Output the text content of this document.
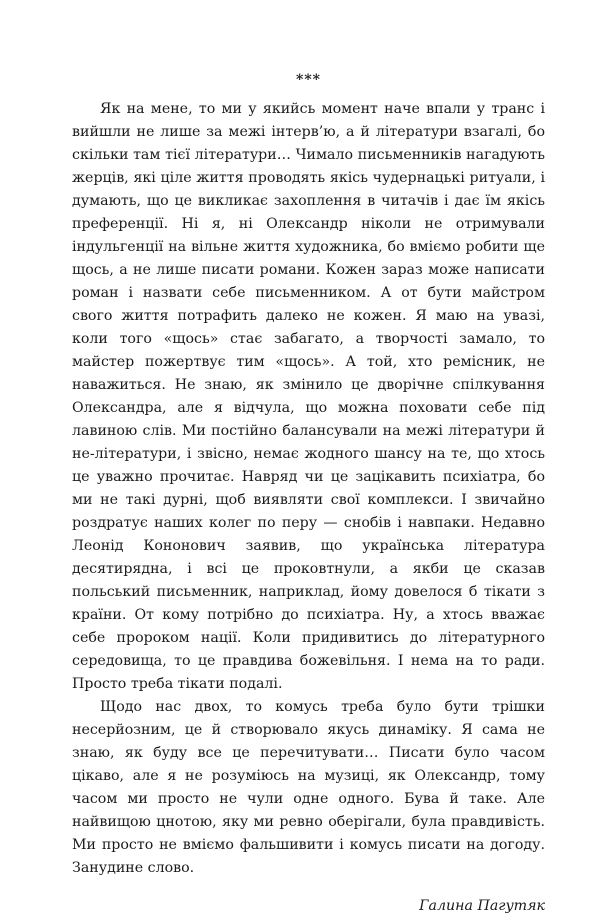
***

Як на мене, то ми у якийсь момент наче впали у транс і вийшли не лише за межі інтерв’ю, а й літератури взагалі, бо скільки там тієї літератури… Чимало письменників нагадують жерців, які ціле життя проводять якісь чудернацькі ритуали, і думають, що це викликає захоплення в читачів і дає їм якісь преференції. Ні я, ні Олександр ніколи не отримували індульгенції на вільне життя художника, бо вміємо робити ще щось, а не лише писати романи. Кожен зараз може написати роман і назвати себе письменником. А от бути майстром свого життя потрафить далеко не кожен. Я маю на увазі, коли того «щось» стає забагато, а творчості замало, то майстер пожертвує тим «щось». А той, хто ремісник, не наважиться. Не знаю, як змінило це дворічне спілкування Олександра, але я відчула, що можна поховати себе під лавиною слів. Ми постійно балансували на межі літератури й не-літератури, і звісно, немає жодного шансу на те, що хтось це уважно прочитає. Навряд чи це зацікавить психіатра, бо ми не такі дурні, щоб виявляти свої комплекси. І звичайно роздратує наших колег по перу — снобів і навпаки. Недавно Леонід Кононович заявив, що українська література десятирядна, і всі це проковтнули, а якби це сказав польський письменник, наприклад, йому довелося б тікати з країни. От кому потрібно до психіатра. Ну, а хтось вважає себе пророком нації. Коли придивитись до літературного середовища, то це правдива божевільня. І нема на то ради. Просто треба тікати подалі.

Щодо нас двох, то комусь треба було бути трішки несерйозним, це й створювало якусь динаміку. Я сама не знаю, як буду все це перечитувати… Писати було часом цікаво, але я не розуміюсь на музиці, як Олександр, тому часом ми просто не чули одне одного. Бува й таке. Але найвищою цнотою, яку ми ревно оберігали, була правдивість. Ми просто не вміємо фальшивити і комусь писати на догоду. Занудине слово.

Галина Пагутяк
